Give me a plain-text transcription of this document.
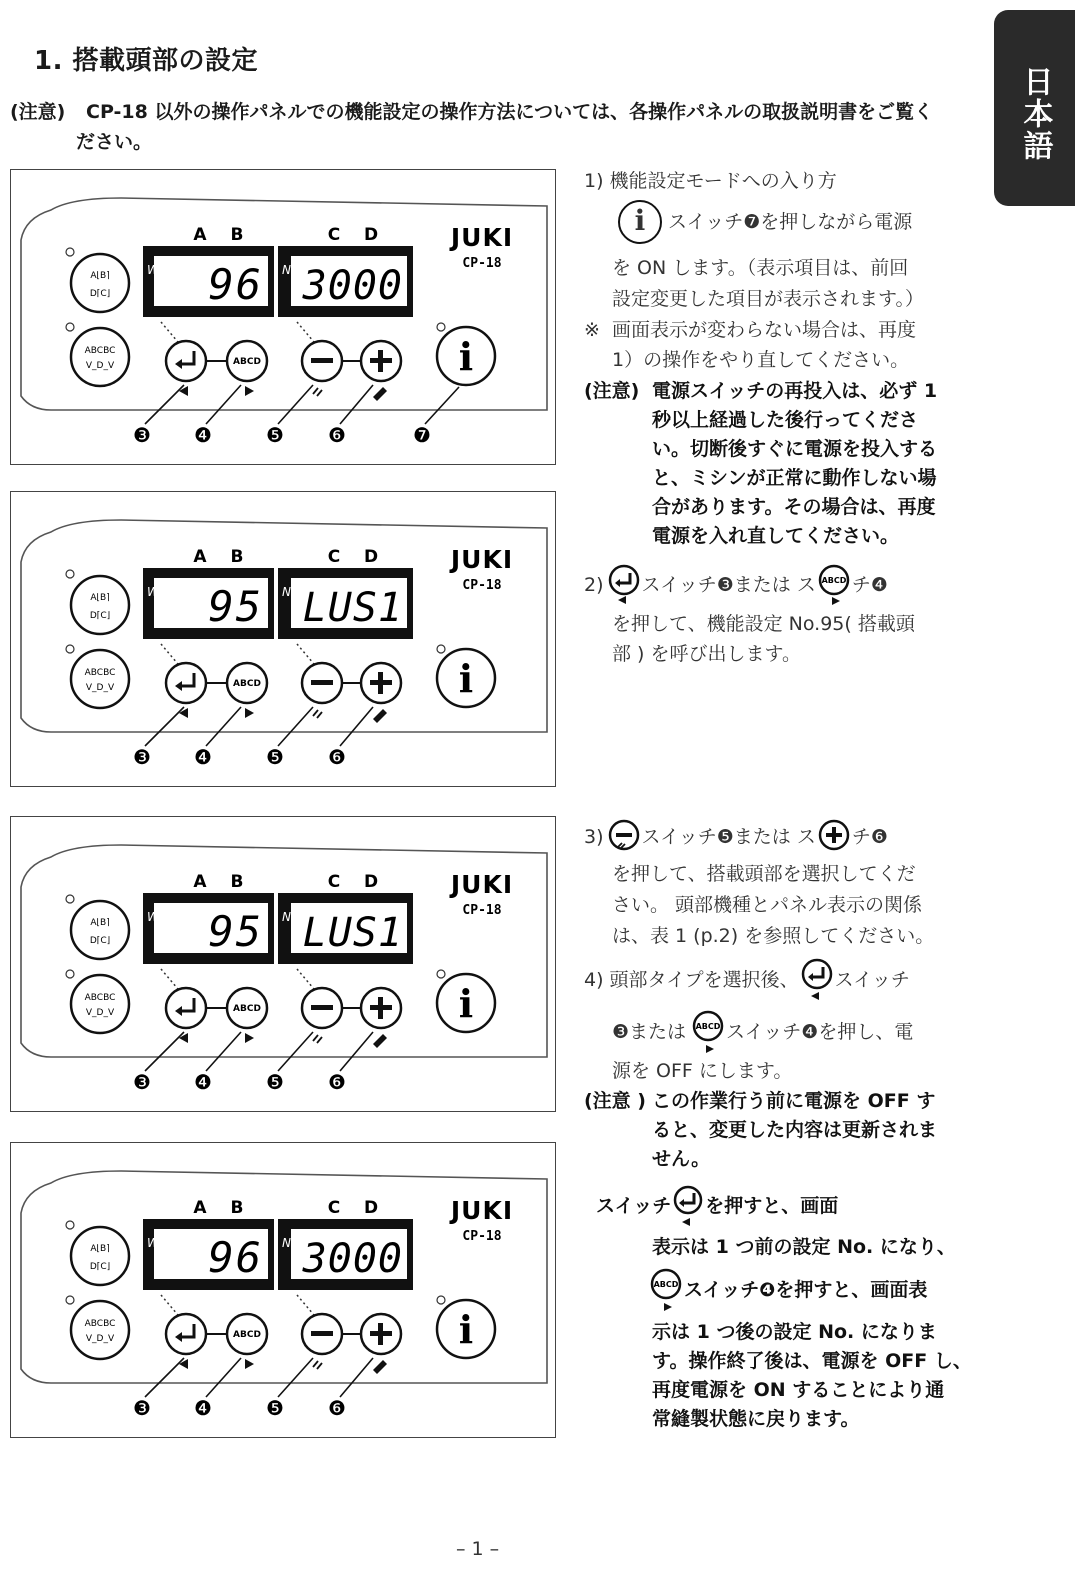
日本語
1. 搭載頭部の設定
(注意) CP-18 以外の操作パネルでの機能設定の操作方法については、各操作パネルの取扱説明書をご覧く
ださい。
A B	C D
W	N
96 3000
JUKI
CP-18
A⌊B⌉
D⌈C⌋
ABCBC
V_D_V	ABCD	i
❸ ❹	❺ ❻	❼
A B	C D
W	N
95 LUS1
JUKI
CP-18
A⌊B⌉
D⌈C⌋
ABCBC
V_D_V	ABCD	i
❸ ❹	❺ ❻
A B	C D
W	N
95 LUS1
JUKI
CP-18
A⌊B⌉
D⌈C⌋
ABCBC
V_D_V	ABCD	i
❸ ❹	❺ ❻
A B	C D
W	N
96 3000
JUKI
CP-18
A⌊B⌉
D⌈C⌋
ABCBC
V_D_V	ABCD	i
❸ ❹	❺ ❻
1) 機能設定モードへの入り方
i	スイッチ❼を押しながら電源
を ON します。（表示項目は、前回
設定変更した項目が表示されます。）
※ 画面表示が変わらない場合は、再度
1）の操作をやり直してください。
(注意) 電源スイッチの再投入は、必ず 1
秒以上経過した後行ってくださ
い。切断後すぐに電源を投入する
と、ミシンが正常に動作しない場
合があります。その場合は、再度
電源を入れ直してください。
2) スイッチ❸または ス ABCD チ❹
を押して、機能設定 No.95( 搭載頭
部 ) を呼び出します。
3) スイッチ❺または ス チ❻
を押して、搭載頭部を選択してくだ
さい。 頭部機種とパネル表示の関係
は、表 1 (p.2) を参照してください。
4) 頭部タイプを選択後、 スイッチ
❸または ABCD スイッチ❹を押し、電
源を OFF にします。
(注意 ) この作業行う前に電源を OFF す
ると、変更した内容は更新されま
せん。
スイッチ を押すと、画面
表示は 1 つ前の設定 No. になり、
ABCD スイッチ❹を押すと、画面表
示は 1 つ後の設定 No. になりま
す。操作終了後は、電源を OFF し、
再度電源を ON することにより通
常縫製状態に戻ります。
– 1 –
